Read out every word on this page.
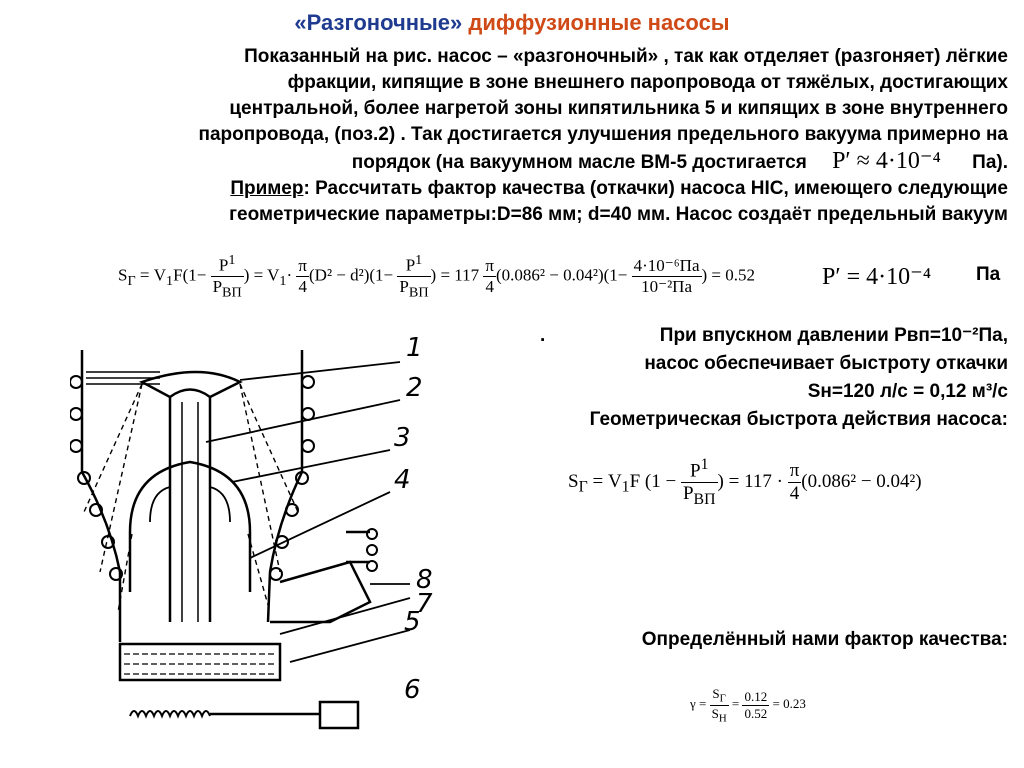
«Разгоночные» диффузионные насосы

Показанный на рис. насос – «разгоночный» , так как отделяет (разгоняет) лёгкие

фракции, кипящие в зоне внешнего паропровода от тяжёлых, достигающих

центральной, более нагретой зоны кипятильника 5 и кипящих в зоне внутреннего

паропровода, (поз.2) . Так достигается улучшения предельного вакуума примерно на

порядок (на вакуумном масле ВМ-5 достигается P′ ≈ 4·10⁻⁴ Па).

Пример: Рассчитать фактор качества (откачки) насоса НIС, имеющего следующие

геометрические параметры:D=86 мм; d=40 мм. Насос создаёт предельный вакуум

$S_Г = V_1F(1- \frac{P^1}{P_{ВП}}$ ) = $V_1\cdot \frac{\pi}{4} (D^2 - d^2)(1- \frac{P^1}{P_{ВП}}$ ) = $117 \frac{\pi}{4} (0.086^2 - 0.04^2)(1- \frac{\text{4·10⁻⁶Па}}{\text{10⁻²Па}}$ ) = 0.52	P′ = 4·10⁻⁴ Па
.	При впускном давлении Pвп=10⁻²Па,
насос обеспечивает быстроту откачки
Sн=120 л/с = 0,12 м³/с
Геометрическая быстрота действия насоса:
$S_Г = V_1F$ ($1 - \frac{P^1}{P_{ВП}}$ ) = $117 \cdot \frac{\pi}{4} (0.086^2 - 0.04^2)$
Определённый нами фактор качества:
$\gamma = \frac{S_Г}{S_Н} = \frac{0.12}{0.52} = 0.23$
1
2
3
4
8
5
7
6
